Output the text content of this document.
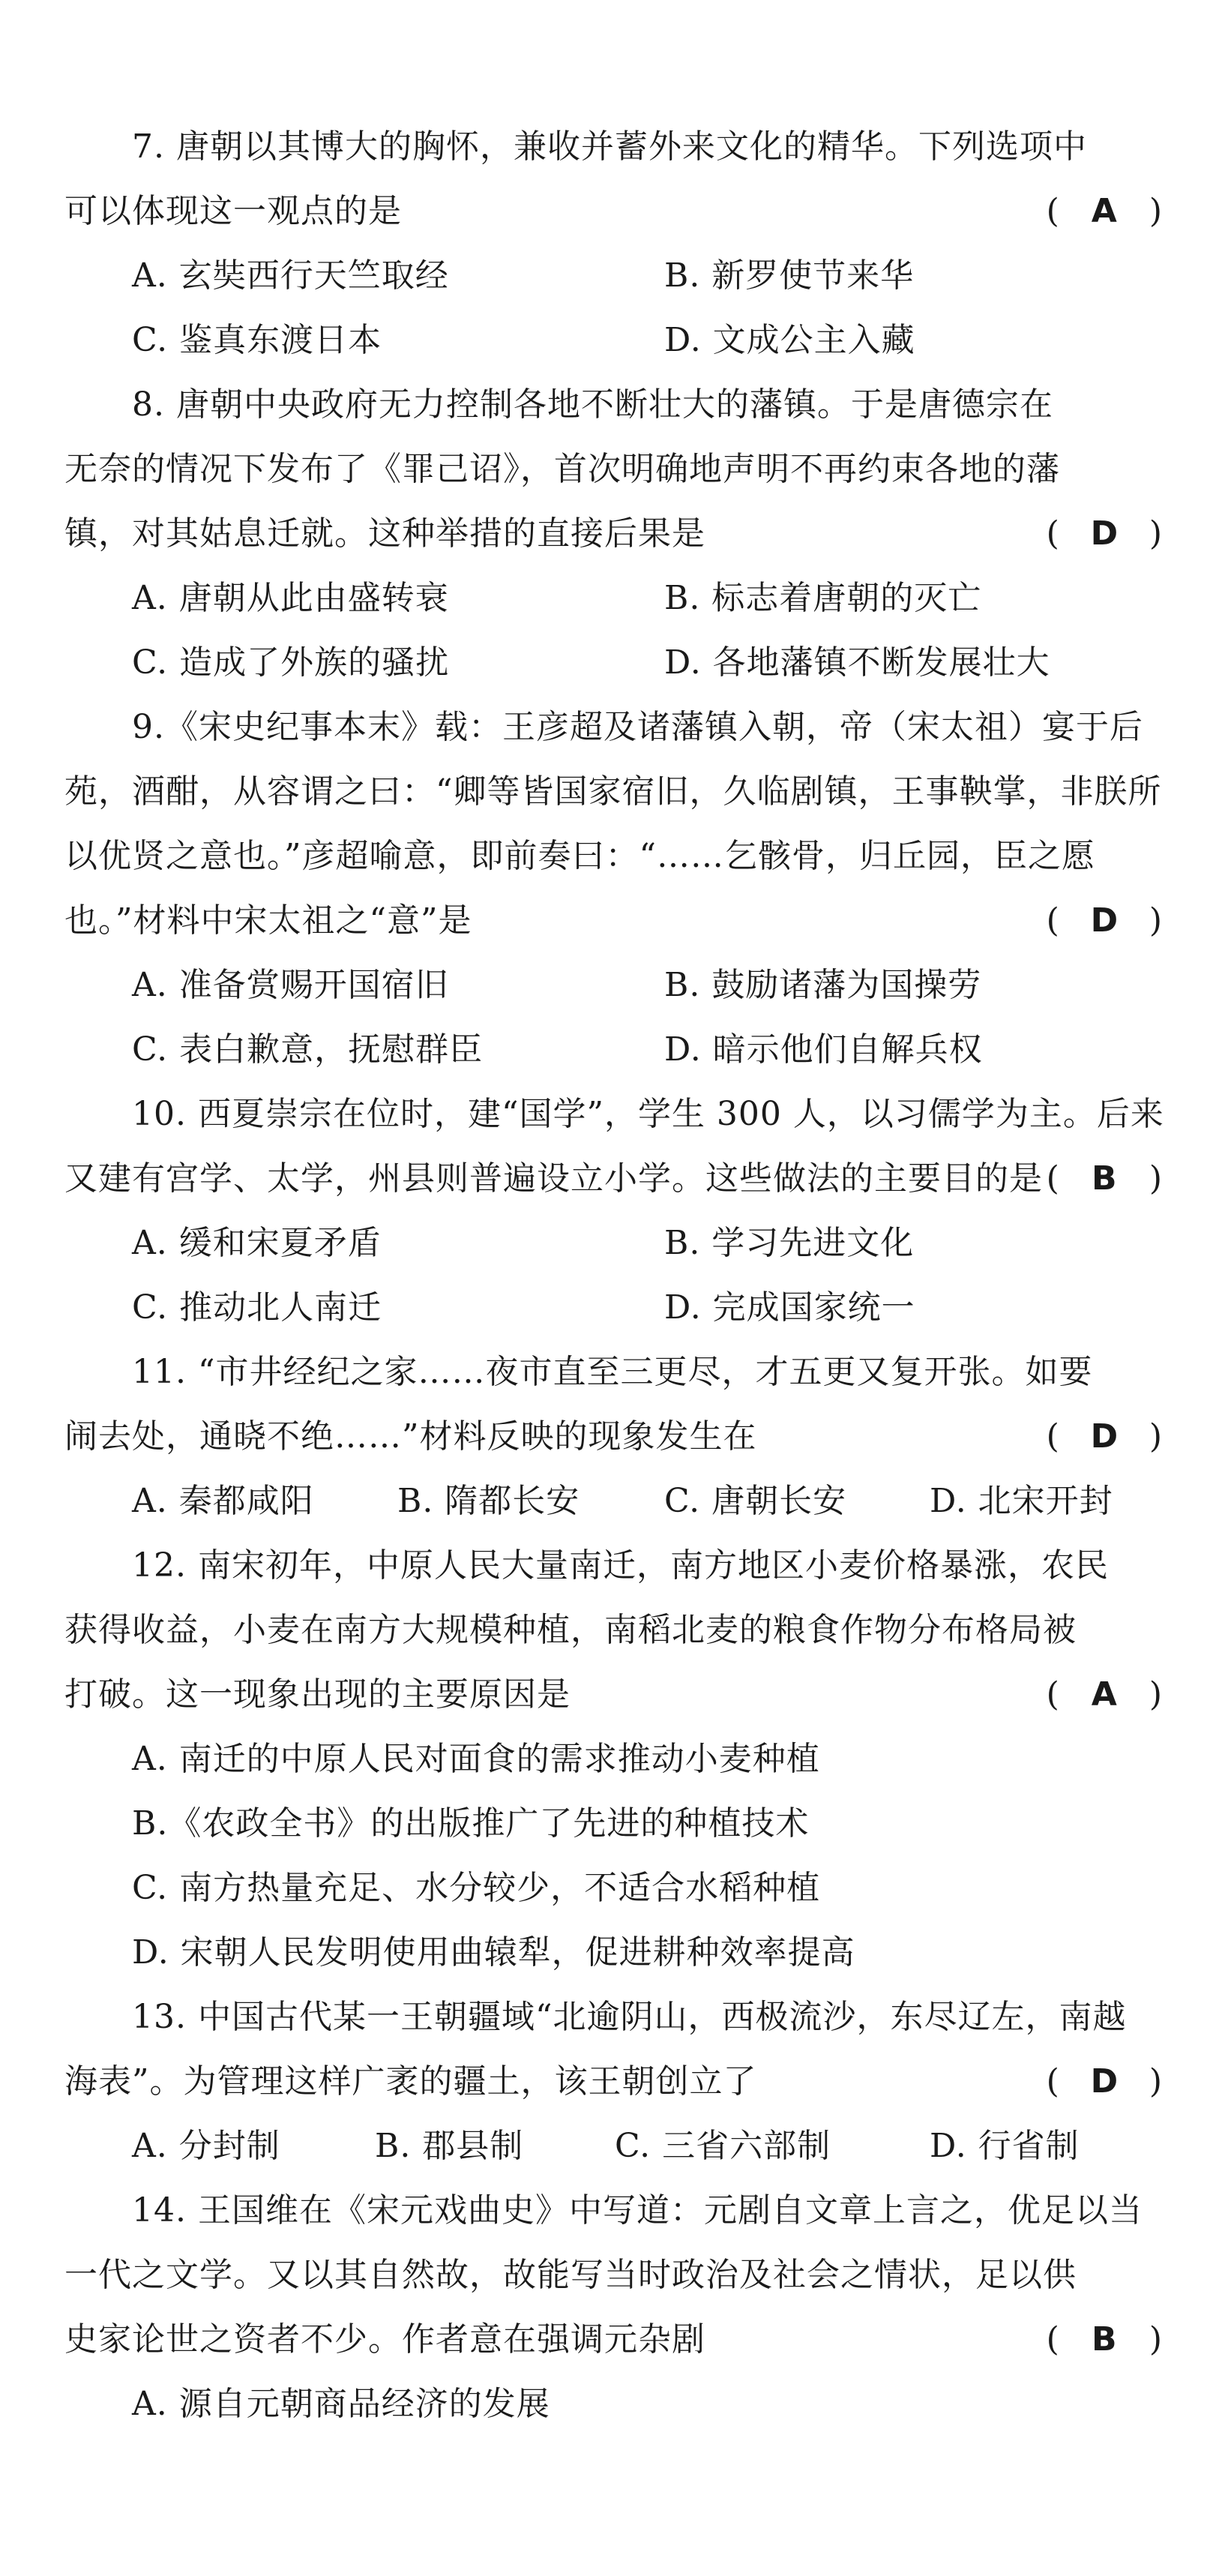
7. 唐朝以其博大的胸怀，兼收并蓄外来文化的精华。下列选项中
可以体现这一观点的是	( A )
A. 玄奘西行天竺取经	B. 新罗使节来华
C. 鉴真东渡日本	D. 文成公主入藏
8. 唐朝中央政府无力控制各地不断壮大的藩镇。于是唐德宗在
无奈的情况下发布了《罪己诏》，首次明确地声明不再约束各地的藩
镇，对其姑息迁就。这种举措的直接后果是	( D )
A. 唐朝从此由盛转衰	B. 标志着唐朝的灭亡
C. 造成了外族的骚扰	D. 各地藩镇不断发展壮大
9.《宋史纪事本末》载：王彦超及诸藩镇入朝，帝（宋太祖）宴于后
苑，酒酣，从容谓之曰：“卿等皆国家宿旧，久临剧镇，王事鞅掌，非朕所
以优贤之意也。”彦超喻意，即前奏曰：“……乞骸骨，归丘园，臣之愿
也。”材料中宋太祖之“意”是	( D )
A. 准备赏赐开国宿旧	B. 鼓励诸藩为国操劳
C. 表白歉意，抚慰群臣	D. 暗示他们自解兵权
10. 西夏崇宗在位时，建“国学”，学生 300 人，以习儒学为主。后来
又建有宫学、太学，州县则普遍设立小学。这些做法的主要目的是 ( B )
A. 缓和宋夏矛盾	B. 学习先进文化
C. 推动北人南迁	D. 完成国家统一
11. “市井经纪之家……夜市直至三更尽，才五更又复开张。如要
闹去处，通晓不绝……”材料反映的现象发生在	( D )
A. 秦都咸阳	B. 隋都长安	C. 唐朝长安	D. 北宋开封
12. 南宋初年，中原人民大量南迁，南方地区小麦价格暴涨，农民
获得收益，小麦在南方大规模种植，南稻北麦的粮食作物分布格局被
打破。这一现象出现的主要原因是	( A )
A. 南迁的中原人民对面食的需求推动小麦种植
B.《农政全书》的出版推广了先进的种植技术
C. 南方热量充足、水分较少，不适合水稻种植
D. 宋朝人民发明使用曲辕犁，促进耕种效率提高
13. 中国古代某一王朝疆域“北逾阴山，西极流沙，东尽辽左，南越
海表”。为管理这样广袤的疆土，该王朝创立了	( D )
A. 分封制	B. 郡县制	C. 三省六部制	D. 行省制
14. 王国维在《宋元戏曲史》中写道：元剧自文章上言之，优足以当
一代之文学。又以其自然故，故能写当时政治及社会之情状，足以供
史家论世之资者不少。作者意在强调元杂剧	( B )
A. 源自元朝商品经济的发展
